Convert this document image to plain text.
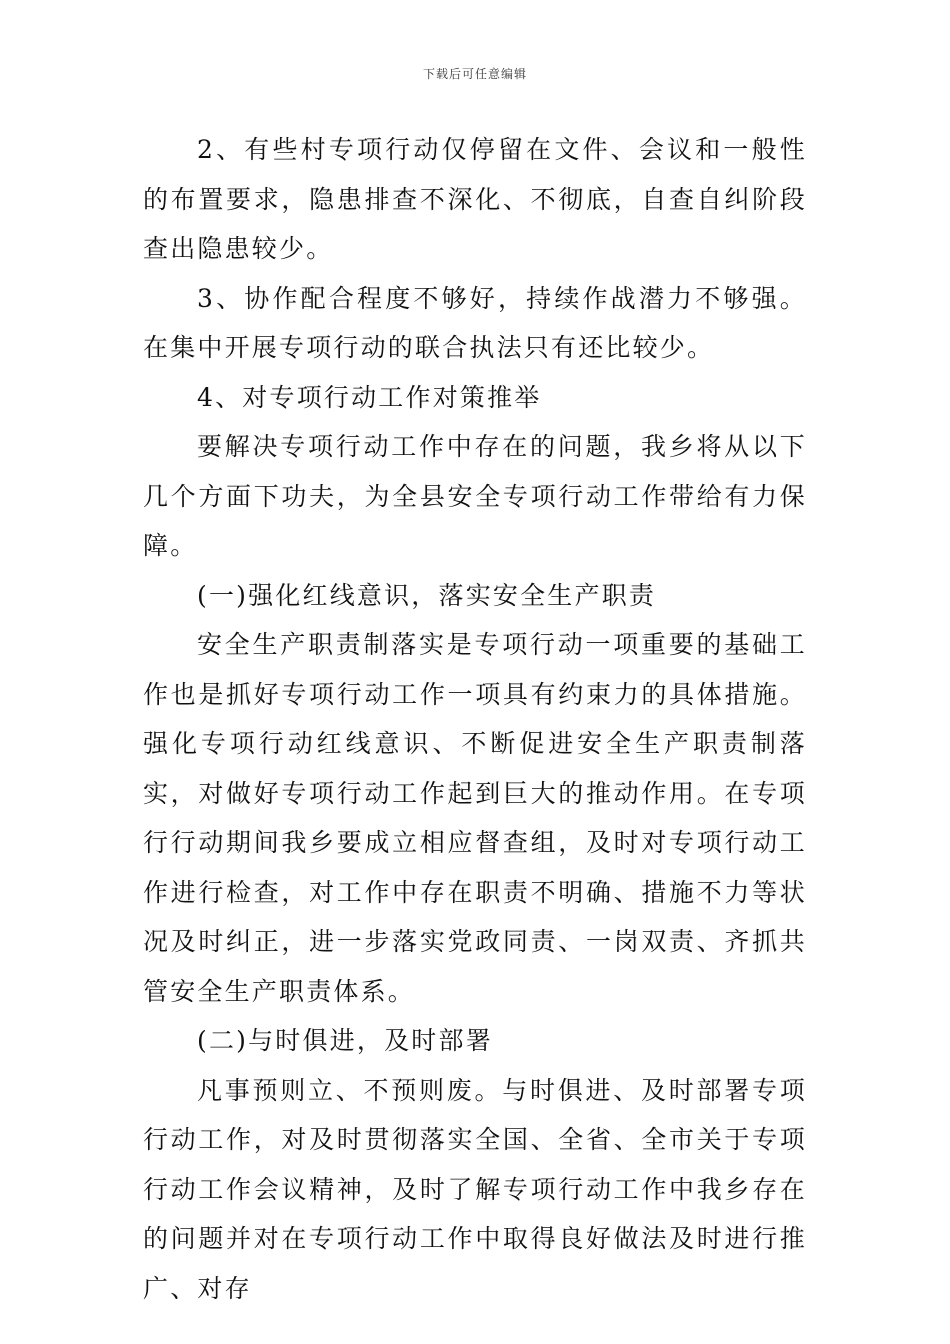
下载后可任意编辑

2、有些村专项行动仅停留在文件、会议和一般性的布置要求，隐患排查不深化、不彻底，自查自纠阶段查出隐患较少。

3、协作配合程度不够好，持续作战潜力不够强。在集中开展专项行动的联合执法只有还比较少。

4、对专项行动工作对策推举

要解决专项行动工作中存在的问题，我乡将从以下几个方面下功夫，为全县安全专项行动工作带给有力保障。

(一)强化红线意识，落实安全生产职责

安全生产职责制落实是专项行动一项重要的基础工作也是抓好专项行动工作一项具有约束力的具体措施。强化专项行动红线意识、不断促进安全生产职责制落实，对做好专项行动工作起到巨大的推动作用。在专项行行动期间我乡要成立相应督查组，及时对专项行动工作进行检查，对工作中存在职责不明确、措施不力等状况及时纠正，进一步落实党政同责、一岗双责、齐抓共管安全生产职责体系。

(二)与时俱进，及时部署

凡事预则立、不预则废。与时俱进、及时部署专项行动工作，对及时贯彻落实全国、全省、全市关于专项行动工作会议精神，及时了解专项行动工作中我乡存在的问题并对在专项行动工作中取得良好做法及时进行推广、对存
